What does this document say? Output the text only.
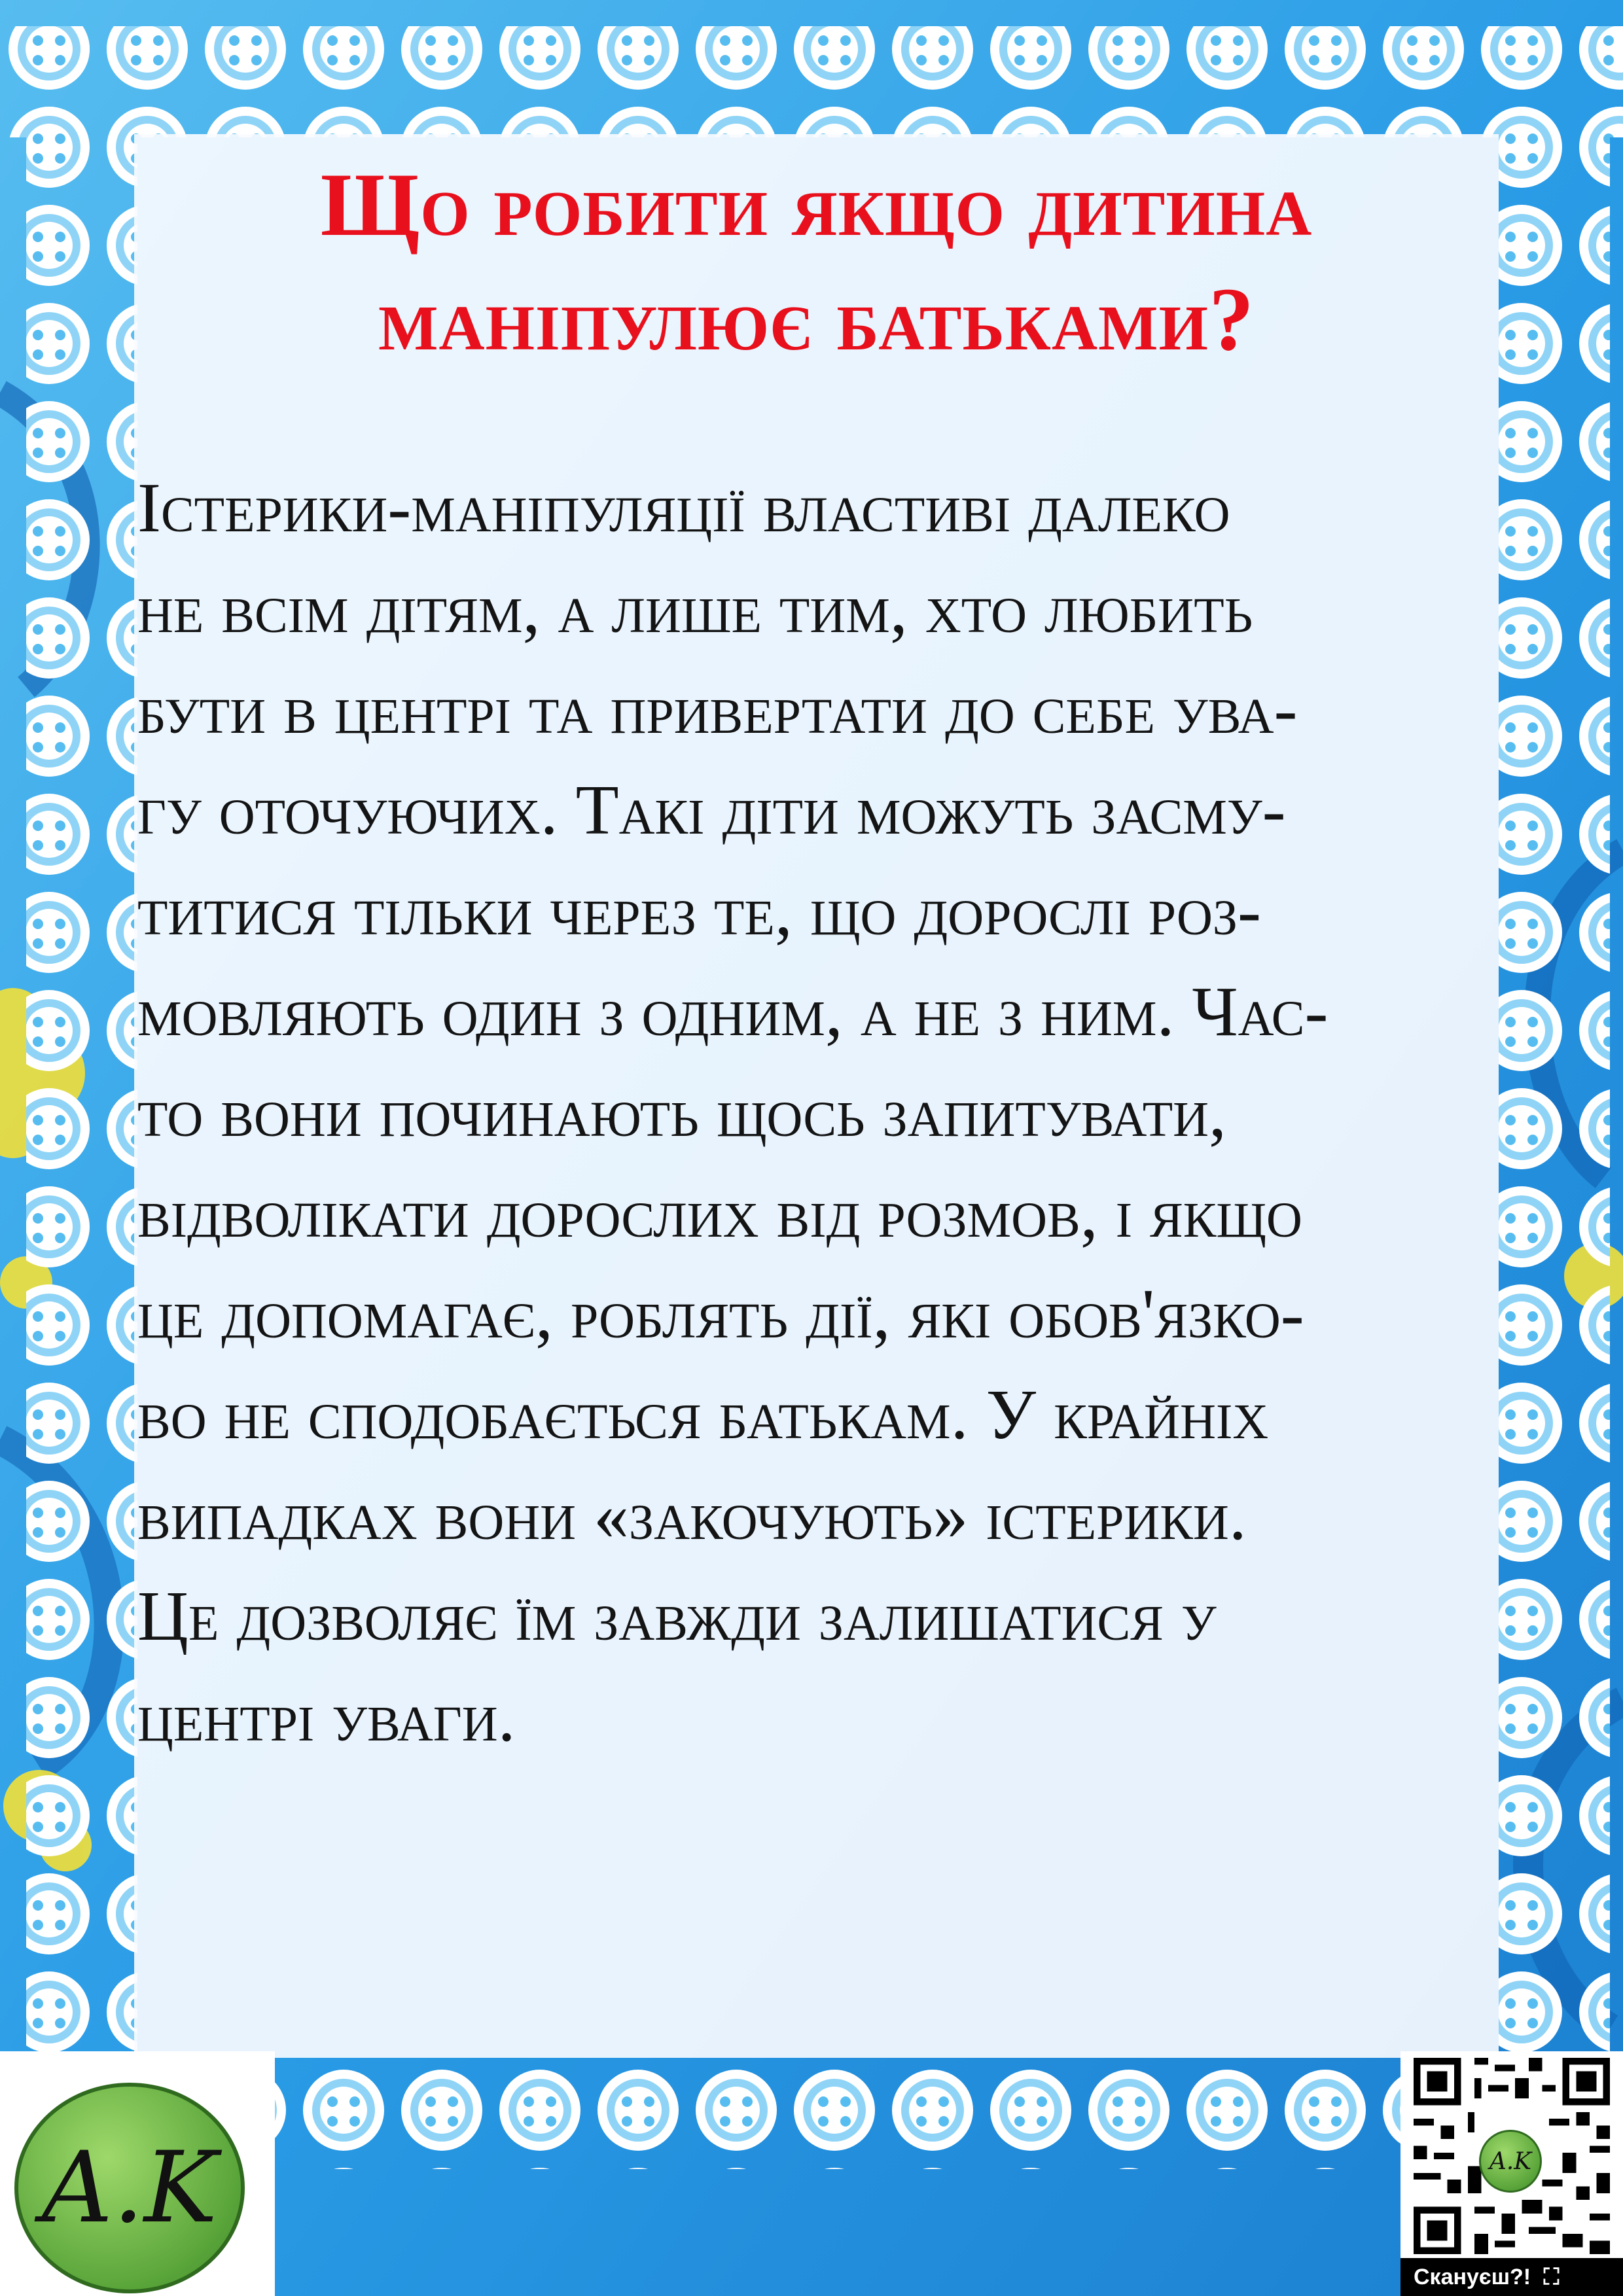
Що робити якщо дитина
маніпулює батьками?
Істерики-маніпуляції властиві далеко
не всім дітям, а лише тим, хто любить
бути в центрі та привертати до себе ува-
гу оточуючих. Такі діти можуть засму-
титися тільки через те, що дорослі роз-
мовляють один з одним, а не з ним. Час-
то вони починають щось запитувати,
відволікати дорослих від розмов, і якщо
це допомагає, роблять дії, які обов'язко-
во не сподобається батькам. У крайніх
випадках вони «закочують» істерики.
Це дозволяє їм завжди залишатися у
центрі уваги.
A.K	A.K
Скануєш?! ⛶
